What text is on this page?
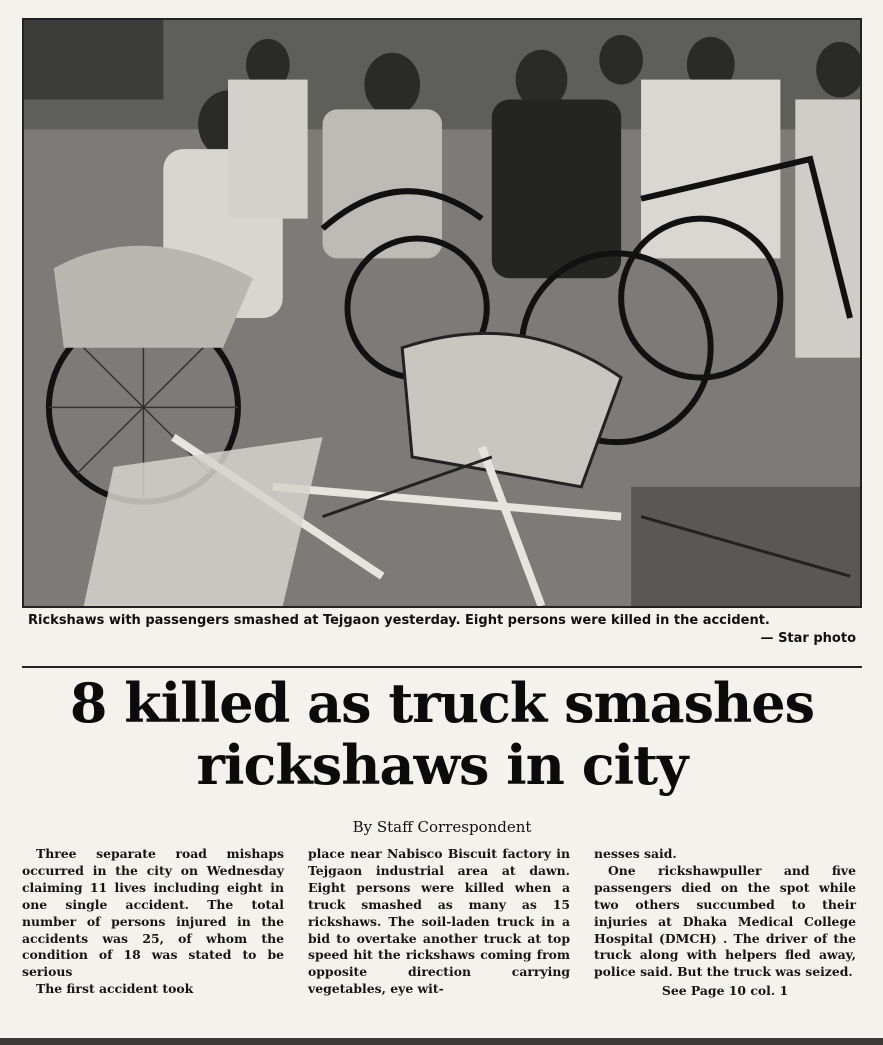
Rickshaws with passengers smashed at Tejgaon yesterday. Eight persons were killed in the accident.
— Star photo
8 killed as truck smashes
rickshaws in city
By Staff Correspondent

Three separate road mishaps occurred in the city on Wednesday claiming 11 lives including eight in one single accident. The total number of persons injured in the accidents was 25, of whom the condition of 18 was stated to be serious

The first accident took

place near Nabisco Biscuit factory in Tejgaon industrial area at dawn. Eight persons were killed when a truck smashed as many as 15 rickshaws. The soil-laden truck in a bid to overtake another truck at top speed hit the rickshaws coming from opposite direction carrying vegetables, eye wit-

nesses said.

One rickshawpuller and five passengers died on the spot while two others succumbed to their injuries at Dhaka Medical College Hospital (DMCH) . The driver of the truck along with helpers fled away, police said. But the truck was seized.

See Page 10 col. 1
